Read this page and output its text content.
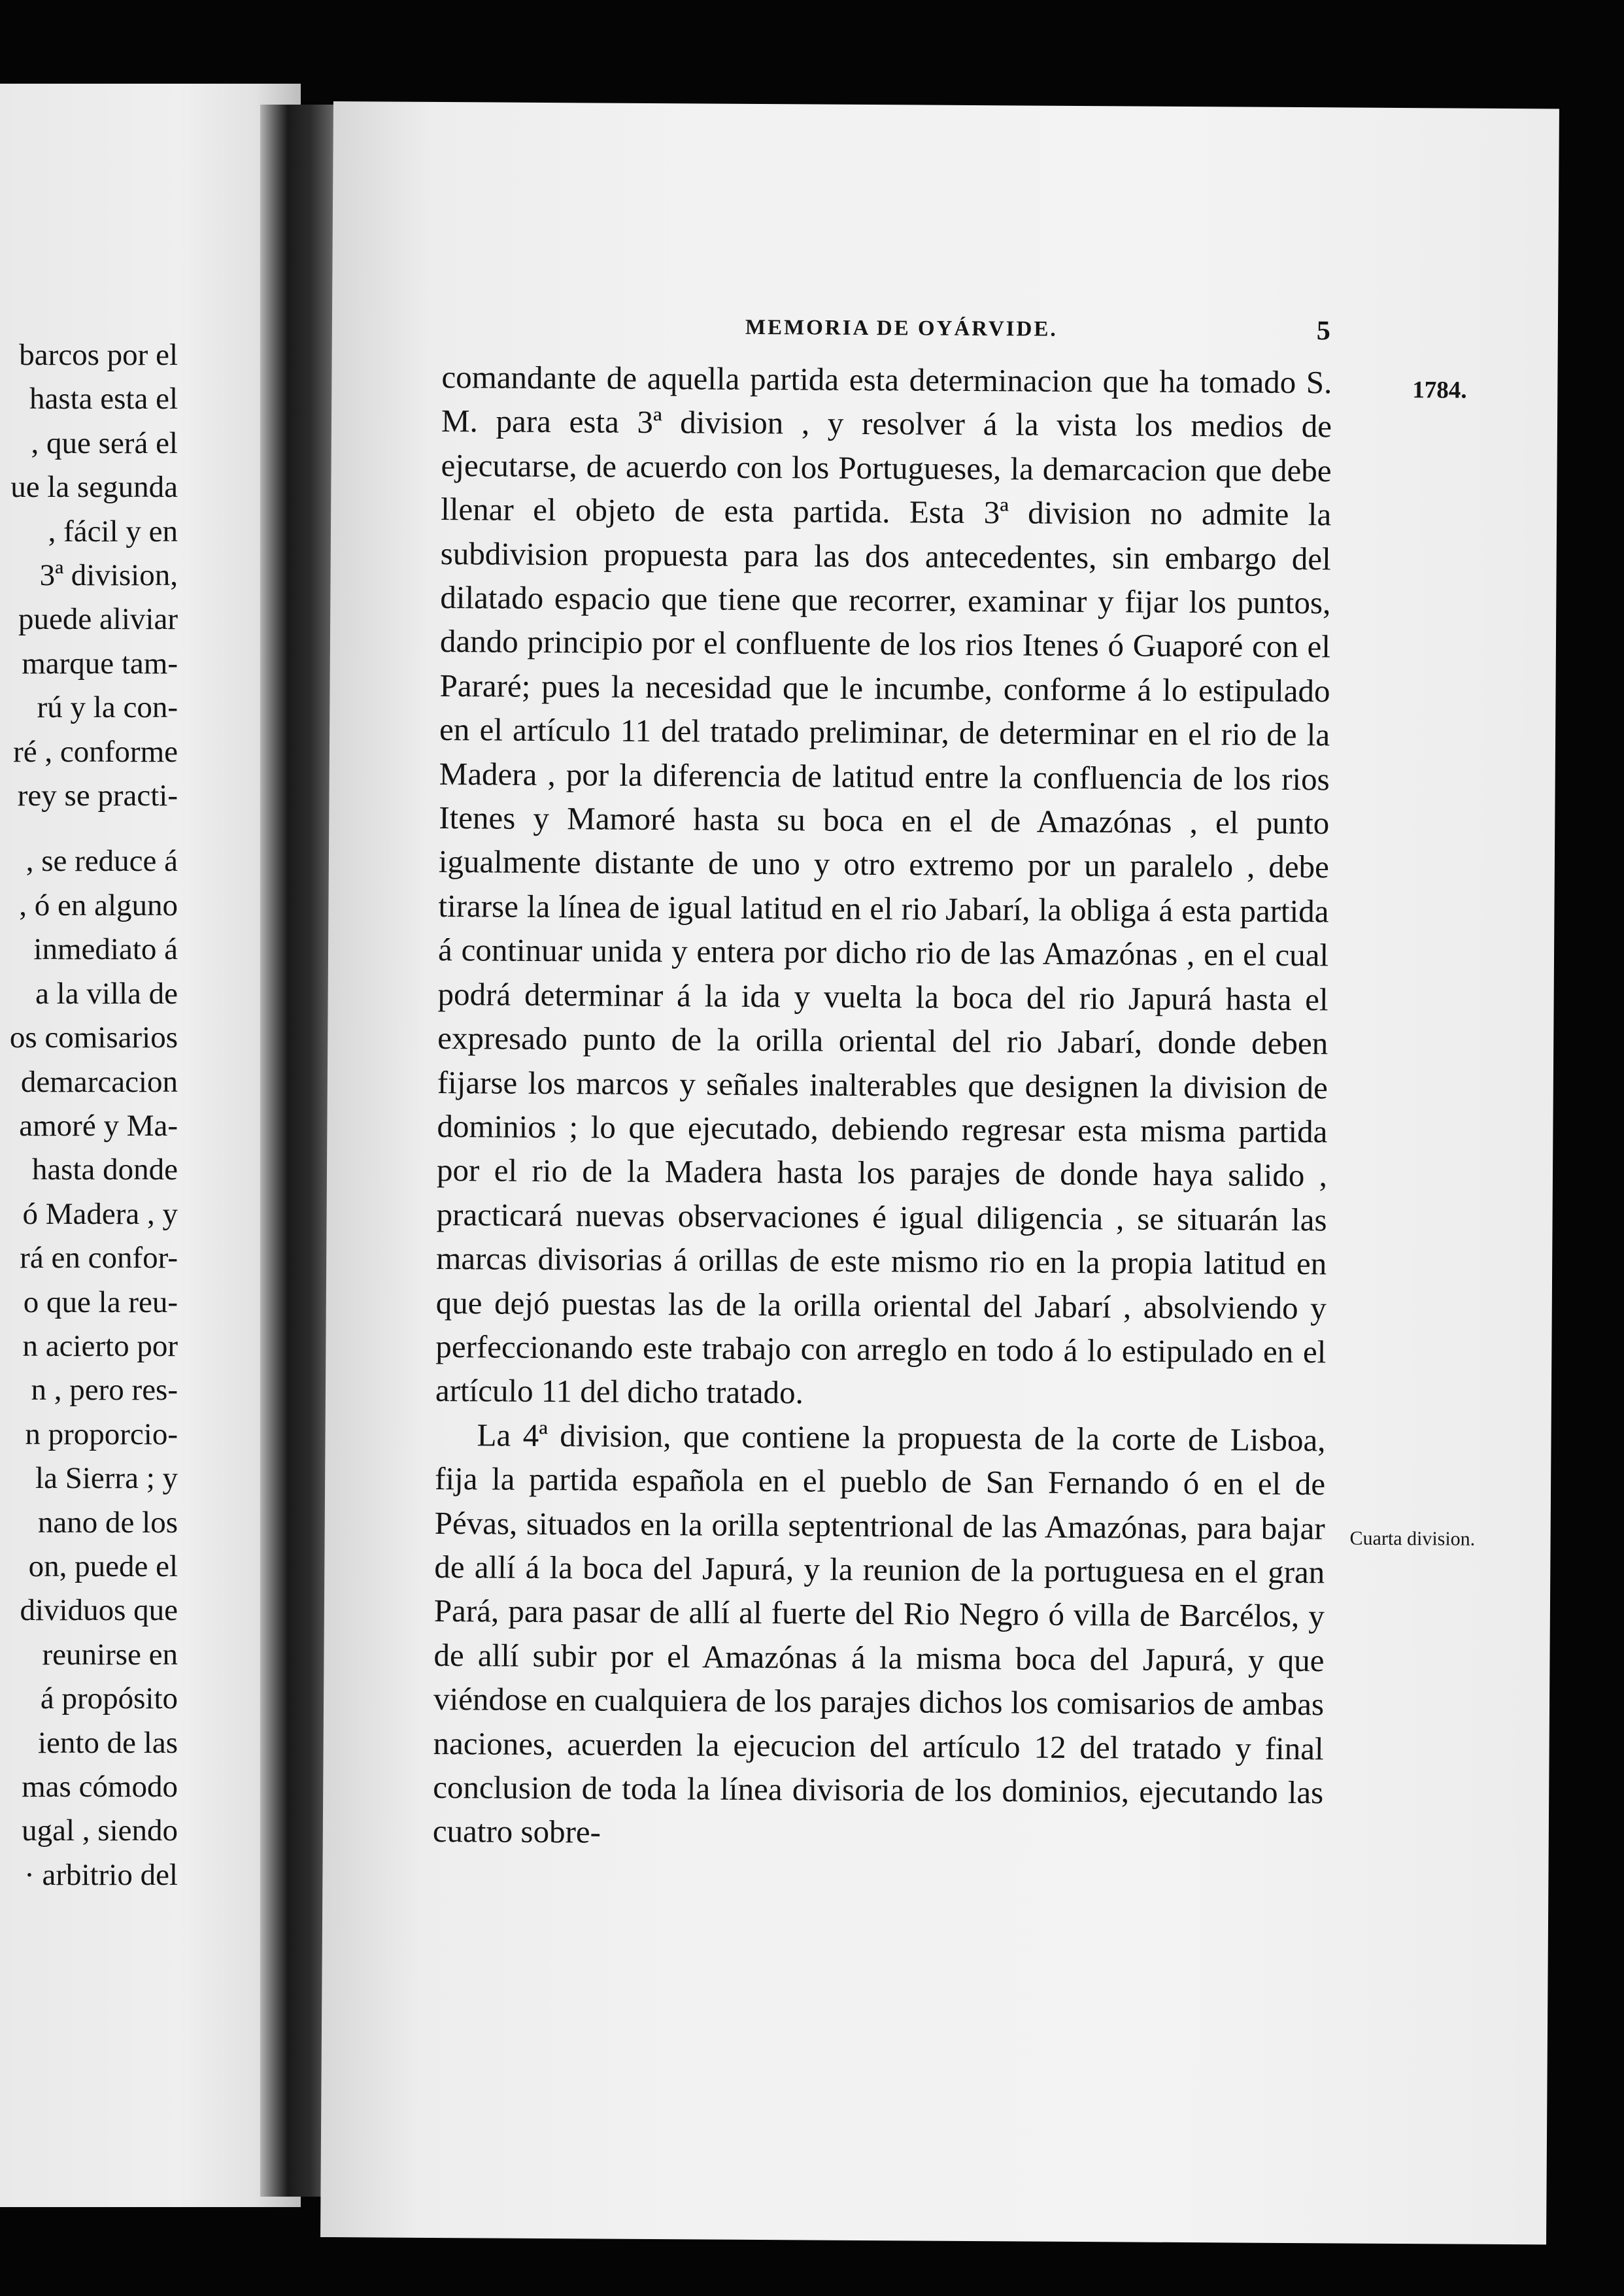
barcos por el
hasta esta el
, que será el
ue la segunda
, fácil y en
3ª division,
puede aliviar
marque tam-
rú y la con-
ré , conforme
rey se practi-
, se reduce á
, ó en alguno
inmediato á
a la villa de
os comisarios
demarcacion
amoré y Ma-
hasta donde
ó Madera , y
rá en confor-
o que la reu-
n acierto por
n , pero res-
n proporcio-
la Sierra ; y
nano de los
on, puede el
dividuos que
reunirse en
á propósito
iento de las
mas cómodo
ugal , siendo
· arbitrio del
MEMORIA DE OYÁRVIDE.	5
1784.

comandante de aquella partida esta determinacion que ha tomado S. M. para esta 3ª division , y resolver á la vista los medios de ejecutarse, de acuerdo con los Portugueses, la demarcacion que debe llenar el objeto de esta partida. Esta 3ª division no admite la subdivision propuesta para las dos antecedentes, sin embargo del dilatado espacio que tiene que recorrer, examinar y fijar los puntos, dando principio por el confluente de los rios Itenes ó Guaporé con el Pararé; pues la necesidad que le incumbe, conforme á lo estipulado en el artículo 11 del tratado preliminar, de determinar en el rio de la Madera , por la diferencia de latitud entre la confluencia de los rios Itenes y Mamoré hasta su boca en el de Amazónas , el punto igualmente distante de uno y otro extremo por un paralelo , debe tirarse la línea de igual latitud en el rio Jabarí, la obliga á esta partida á continuar unida y entera por dicho rio de las Amazónas , en el cual podrá determinar á la ida y vuelta la boca del rio Japurá hasta el expresado punto de la orilla oriental del rio Jabarí, donde deben fijarse los marcos y señales inalterables que designen la division de dominios ; lo que ejecutado, debiendo regresar esta misma partida por el rio de la Madera hasta los parajes de donde haya salido , practicará nuevas observaciones é igual diligencia , se situarán las marcas divisorias á orillas de este mismo rio en la propia latitud en que dejó puestas las de la orilla oriental del Jabarí , absolviendo y perfeccionando este trabajo con arreglo en todo á lo estipulado en el artículo 11 del dicho tratado.

La 4ª division, que contiene la propuesta de la corte de Lisboa, fija la partida española en el pueblo de San Fernando ó en el de Pévas, situados en la orilla septentrional de las Amazónas, para bajar de allí á la boca del Japurá, y la reunion de la portuguesa en el gran Pará, para pasar de allí al fuerte del Rio Negro ó villa de Barcélos, y de allí subir por el Amazónas á la misma boca del Japurá, y que viéndose en cualquiera de los parajes dichos los comisarios de ambas naciones, acuerden la ejecucion del artículo 12 del tratado y final conclusion de toda la línea divisoria de los dominios, ejecutando las cuatro sobre-

Cuarta division.
